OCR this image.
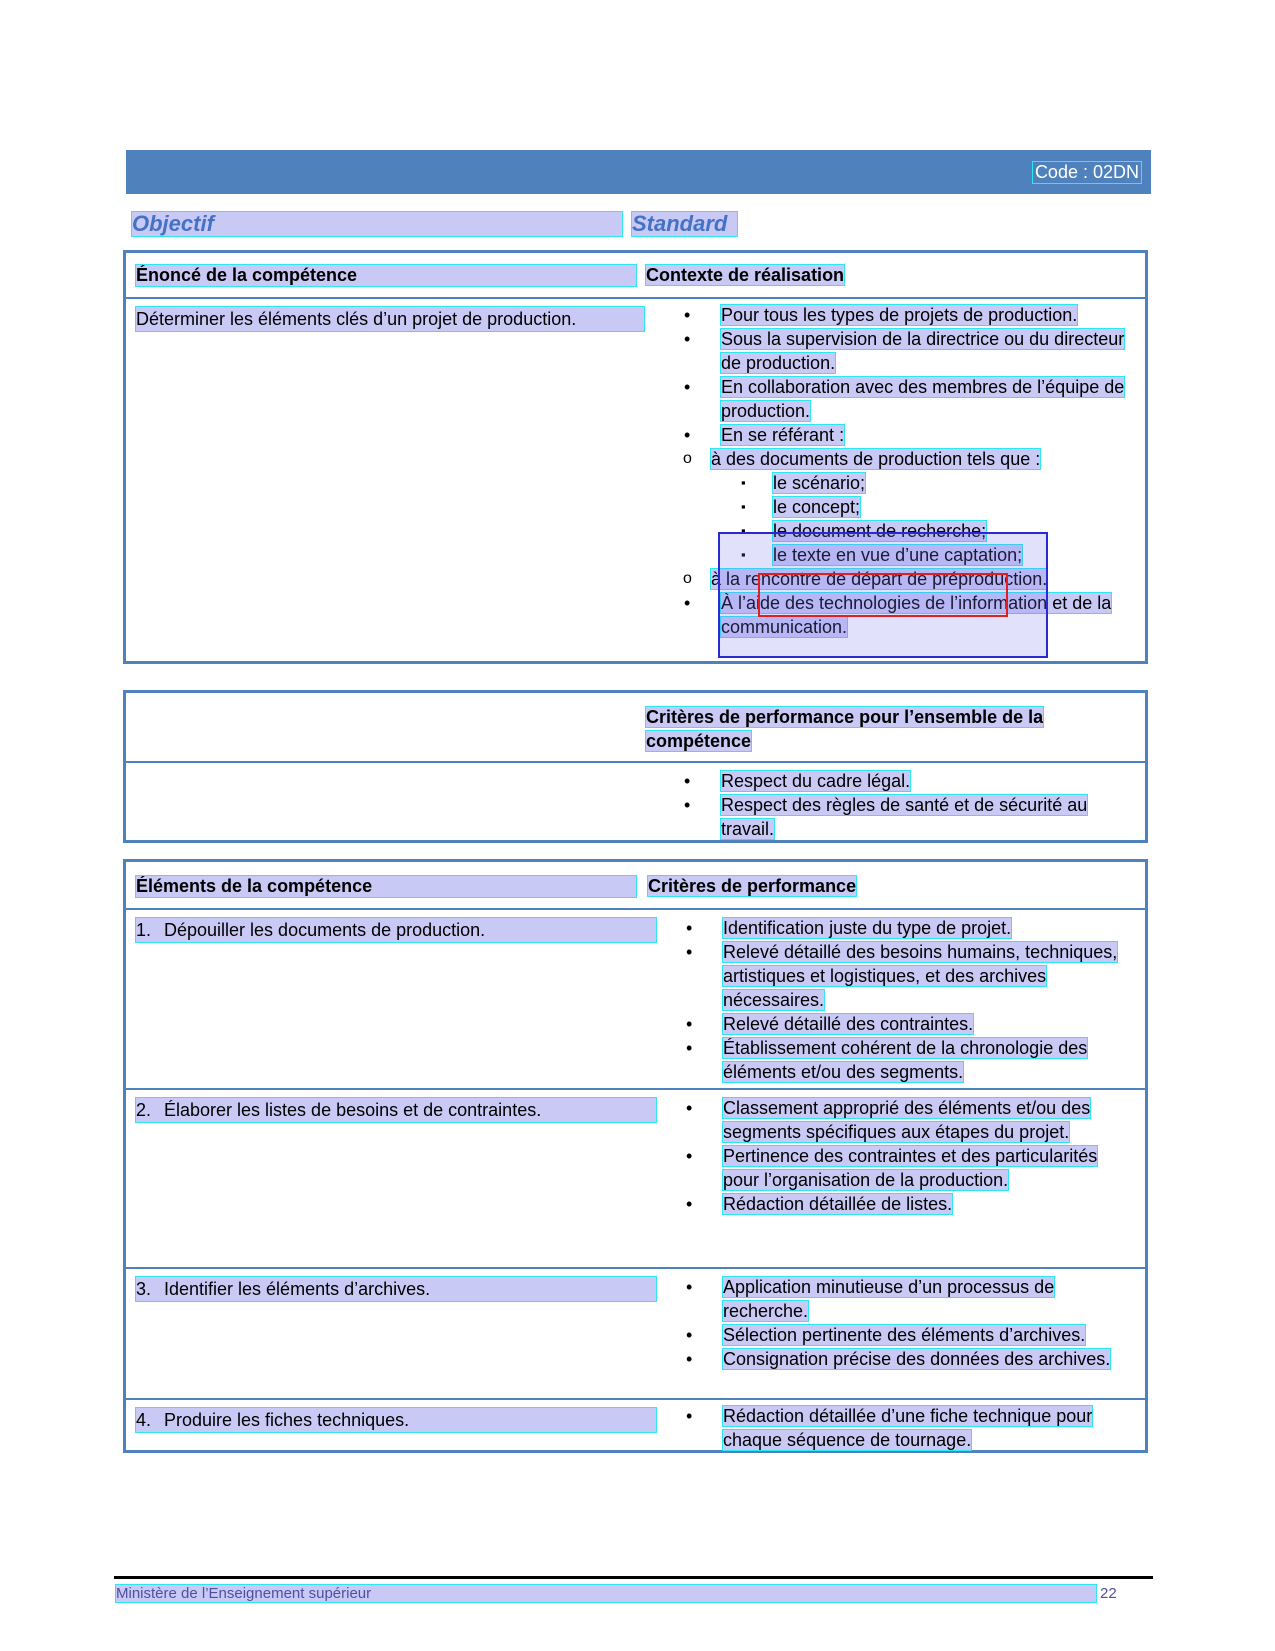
Code : 02DN
Objectif	Standard
Énoncé de la compétence	Contexte de réalisation
Déterminer les éléments clés d’un projet de production.	• Pour tous les types de projets de production.
• Sous la supervision de la directrice ou du directeur de production.
• En collaboration avec des membres de l’équipe de production.
• En se référant :
o à des documents de production tels que :
▪ le scénario;
▪ le concept;
▪ le document de recherche;
▪ le texte en vue d’une captation;
o à la rencontre de départ de préproduction.
• À l’aide des technologies de l’information et de la communication.
Critères de performance pour l’ensemble de la compétence
• Respect du cadre légal.
• Respect des règles de santé et de sécurité au travail.
Éléments de la compétence	Critères de performance
1. Dépouiller les documents de production.	• Identification juste du type de projet.
• Relevé détaillé des besoins humains, techniques, artistiques et logistiques, et des archives nécessaires.
• Relevé détaillé des contraintes.
• Établissement cohérent de la chronologie des éléments et/ou des segments.
2. Élaborer les listes de besoins et de contraintes.	• Classement approprié des éléments et/ou des segments spécifiques aux étapes du projet.
• Pertinence des contraintes et des particularités pour l’organisation de la production.
• Rédaction détaillée de listes.
3. Identifier les éléments d’archives.	• Application minutieuse d’un processus de recherche.
• Sélection pertinente des éléments d’archives.
• Consignation précise des données des archives.
4. Produire les fiches techniques.	• Rédaction détaillée d’une fiche technique pour chaque séquence de tournage.
Ministère de l’Enseignement supérieur	22
